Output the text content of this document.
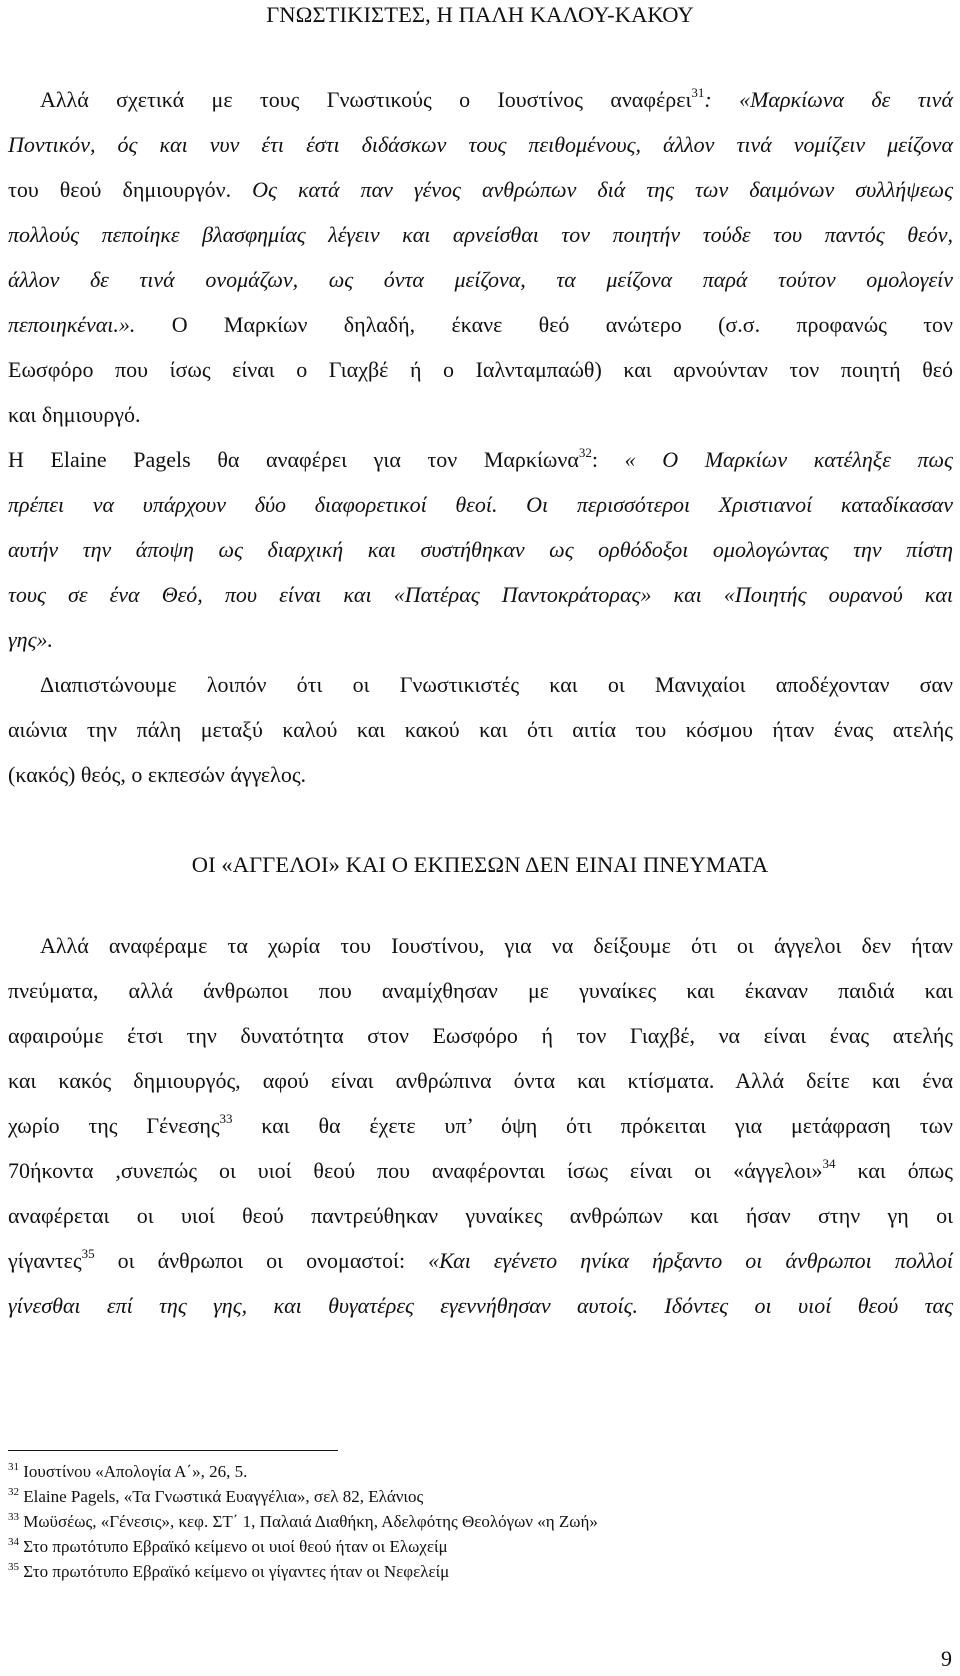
ΓΝΩΣΤΙΚΙΣΤΕΣ, Η ΠΑΛΗ ΚΑΛΟΥ-ΚΑΚΟΥ

Αλλά σχετικά με τους Γνωστικούς ο Ιουστίνος αναφέρει$^{31}$: «Μαρκίωνα δε τινά

Ποντικόν, ός και νυν έτι έστι διδάσκων τους πειθομένους, άλλον τινά νομίζειν μείζονα

του θεού δημιουργόν. Ος κατά παν γένος ανθρώπων διά της των δαιμόνων συλλήψεως

πολλούς πεποίηκε βλασφημίας λέγειν και αρνείσθαι τον ποιητήν τούδε του παντός θεόν,

άλλον δε τινά ονομάζων, ως όντα μείζονα, τα μείζονα παρά τούτον ομολογείν

πεποιηκέναι.». Ο Μαρκίων δηλαδή, έκανε θεό ανώτερο (σ.σ. προφανώς τον

Εωσφόρο που ίσως είναι ο Γιαχβέ ή ο Ιαλνταμπαώθ) και αρνούνταν τον ποιητή θεό

και δημιουργό.

Η Elaine Pagels θα αναφέρει για τον Μαρκίωνα$^{32}$: « Ο Μαρκίων κατέληξε πως

πρέπει να υπάρχουν δύο διαφορετικοί θεοί. Οι περισσότεροι Χριστιανοί καταδίκασαν

αυτήν την άποψη ως διαρχική και συστήθηκαν ως ορθόδοξοι ομολογώντας την πίστη

τους σε ένα Θεό, που είναι και «Πατέρας Παντοκράτορας» και «Ποιητής ουρανού και

γης».

Διαπιστώνουμε λοιπόν ότι οι Γνωστικιστές και οι Μανιχαίοι αποδέχονταν σαν

αιώνια την πάλη μεταξύ καλού και κακού και ότι αιτία του κόσμου ήταν ένας ατελής

(κακός) θεός, ο εκπεσών άγγελος.

ΟΙ «ΑΓΓΕΛΟΙ» ΚΑΙ Ο ΕΚΠΕΣΩΝ ΔΕΝ ΕΙΝΑΙ ΠΝΕΥΜΑΤΑ

Αλλά αναφέραμε τα χωρία του Ιουστίνου, για να δείξουμε ότι οι άγγελοι δεν ήταν

πνεύματα, αλλά άνθρωποι που αναμίχθησαν με γυναίκες και έκαναν παιδιά και

αφαιρούμε έτσι την δυνατότητα στον Εωσφόρο ή τον Γιαχβέ, να είναι ένας ατελής

και κακός δημιουργός, αφού είναι ανθρώπινα όντα και κτίσματα. Αλλά δείτε και ένα

χωρίο της Γένεσης$^{33}$ και θα έχετε υπ’ όψη ότι πρόκειται για μετάφραση των

70ήκοντα ,συνεπώς οι υιοί θεού που αναφέρονται ίσως είναι οι «άγγελοι»$^{34}$ και όπως

αναφέρεται οι υιοί θεού παντρεύθηκαν γυναίκες ανθρώπων και ήσαν στην γη οι

γίγαντες$^{35}$ οι άνθρωποι οι ονομαστοί: «Και εγένετο ηνίκα ήρξαντο οι άνθρωποι πολλοί

γίνεσθαι επί της γης, και θυγατέρες εγεννήθησαν αυτοίς. Ιδόντες οι υιοί θεού τας

$^{31}$ Ιουστίνου «Απολογία Α΄», 26, 5.

$^{32}$ Elaine Pagels, «Τα Γνωστικά Ευαγγέλια», σελ 82, Ελάνιος

$^{33}$ Μωϋσέως, «Γένεσις», κεφ. ΣΤ΄ 1, Παλαιά Διαθήκη, Αδελφότης Θεολόγων «η Ζωή»

$^{34}$ Στο πρωτότυπο Εβραϊκό κείμενο οι υιοί θεού ήταν οι Ελωχείμ

$^{35}$ Στο πρωτότυπο Εβραϊκό κείμενο οι γίγαντες ήταν οι Νεφελείμ

9
